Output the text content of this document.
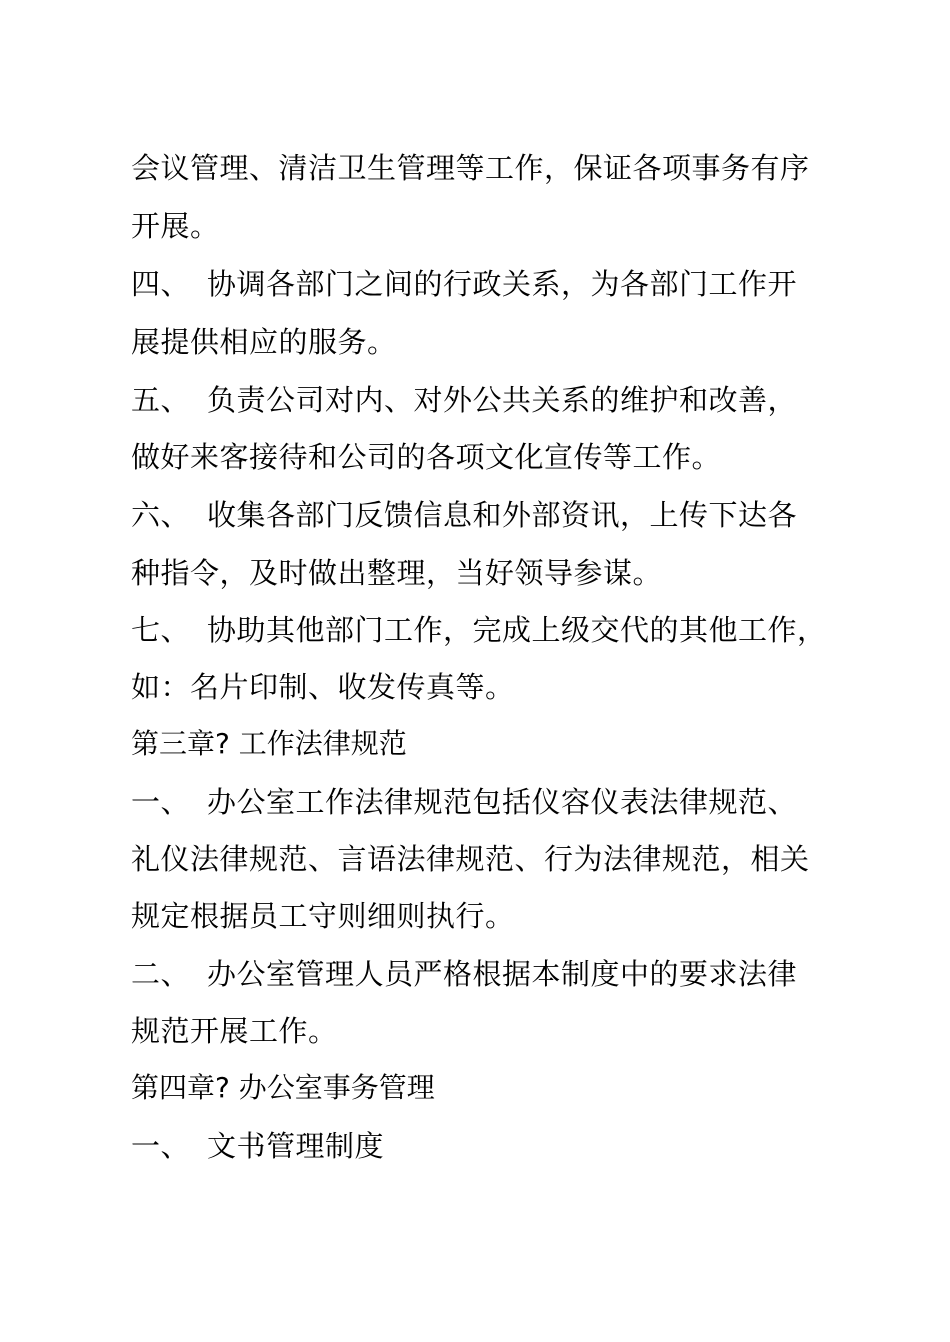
会议管理、清洁卫生管理等工作，保证各项事务有序
开展。
四、 协调各部门之间的行政关系，为各部门工作开
展提供相应的服务。
五、 负责公司对内、对外公共关系的维护和改善，
做好来客接待和公司的各项文化宣传等工作。
六、 收集各部门反馈信息和外部资讯，上传下达各
种指令，及时做出整理，当好领导参谋。
七、 协助其他部门工作，完成上级交代的其他工作，
如：名片印制、收发传真等。
第三章? 工作法律规范
一、 办公室工作法律规范包括仪容仪表法律规范、
礼仪法律规范、言语法律规范、行为法律规范，相关
规定根据员工守则细则执行。
二、 办公室管理人员严格根据本制度中的要求法律
规范开展工作。
第四章? 办公室事务管理
一、 文书管理制度
